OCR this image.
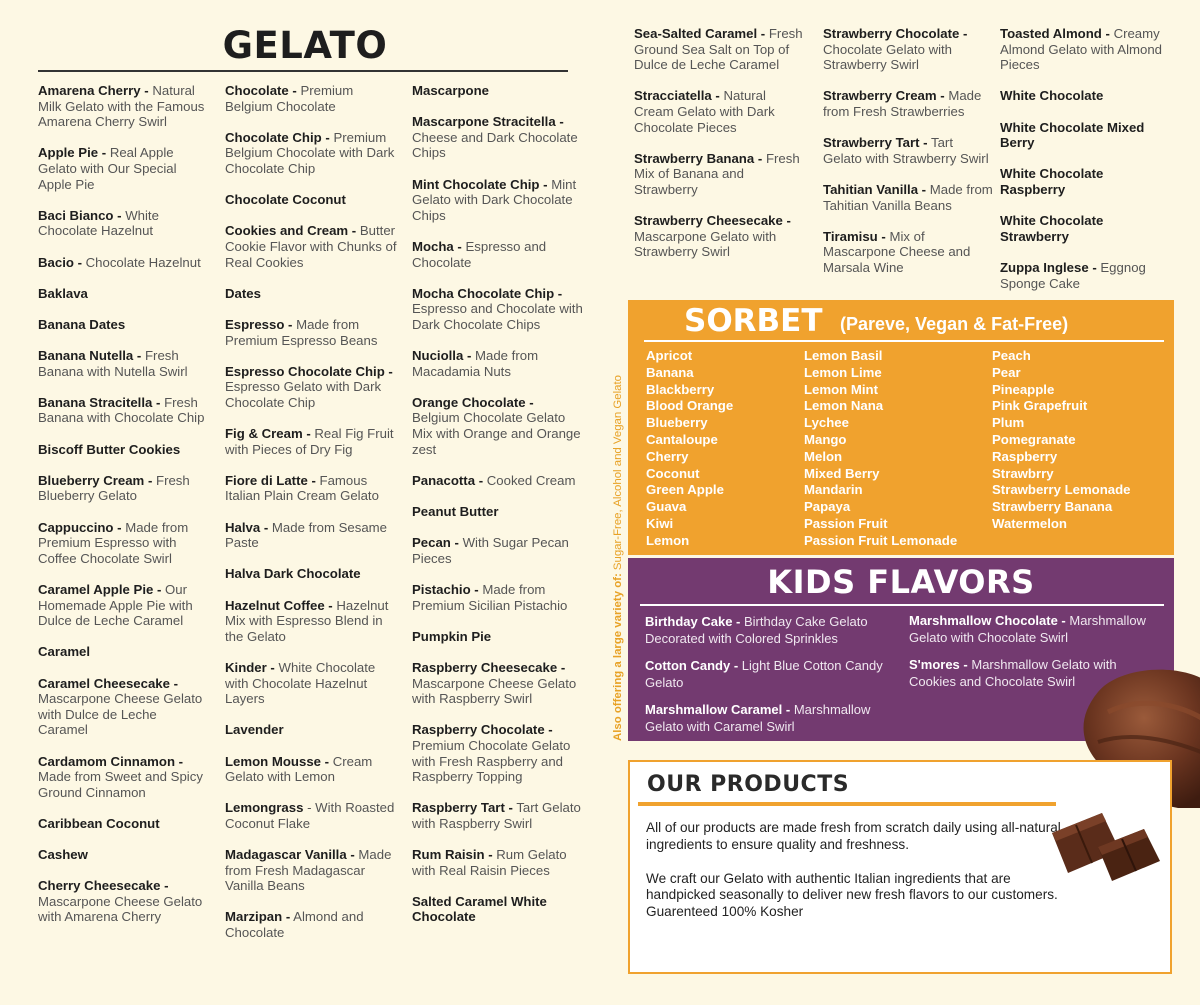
GELATO
Amarena Cherry - Natural Milk Gelato with the Famous Amarena Cherry Swirl
Apple Pie - Real Apple Gelato with Our Special Apple Pie
Baci Bianco - White Chocolate Hazelnut
Bacio - Chocolate Hazelnut
Baklava
Banana Dates
Banana Nutella - Fresh Banana with Nutella Swirl
Banana Stracitella - Fresh Banana with Chocolate Chip
Biscoff Butter Cookies
Blueberry Cream - Fresh Blueberry Gelato
Cappuccino - Made from Premium Espresso with Coffee Chocolate Swirl
Caramel Apple Pie - Our Homemade Apple Pie with Dulce de Leche Caramel
Caramel
Caramel Cheesecake - Mascarpone Cheese Gelato with Dulce de Leche Caramel
Cardamom Cinnamon - Made from Sweet and Spicy Ground Cinnamon
Caribbean Coconut
Cashew
Cherry Cheesecake - Mascarpone Cheese Gelato with Amarena Cherry
Chocolate - Premium Belgium Chocolate
Chocolate Chip - Premium Belgium Chocolate with Dark Chocolate Chip
Chocolate Coconut
Cookies and Cream - Butter Cookie Flavor with Chunks of Real Cookies
Dates
Espresso - Made from Premium Espresso Beans
Espresso Chocolate Chip - Espresso Gelato with Dark Chocolate Chip
Fig & Cream - Real Fig Fruit with Pieces of Dry Fig
Fiore di Latte - Famous Italian Plain Cream Gelato
Halva - Made from Sesame Paste
Halva Dark Chocolate
Hazelnut Coffee - Hazelnut Mix with Espresso Blend in the Gelato
Kinder - White Chocolate with Chocolate Hazelnut Layers
Lavender
Lemon Mousse - Cream Gelato with Lemon
Lemongrass - With Roasted Coconut Flake
Madagascar Vanilla - Made from Fresh Madagascar Vanilla Beans
Marzipan - Almond and Chocolate
Mascarpone
Mascarpone Stracitella - Cheese and Dark Chocolate Chips
Mint Chocolate Chip - Mint Gelato with Dark Chocolate Chips
Mocha - Espresso and Chocolate
Mocha Chocolate Chip - Espresso and Chocolate with Dark Chocolate Chips
Nuciolla - Made from Macadamia Nuts
Orange Chocolate - Belgium Chocolate Gelato Mix with Orange and Orange zest
Panacotta - Cooked Cream
Peanut Butter
Pecan - With Sugar Pecan Pieces
Pistachio - Made from Premium Sicilian Pistachio
Pumpkin Pie
Raspberry Cheesecake - Mascarpone Cheese Gelato with Raspberry Swirl
Raspberry Chocolate - Premium Chocolate Gelato with Fresh Raspberry and Raspberry Topping
Raspberry Tart - Tart Gelato with Raspberry Swirl
Rum Raisin - Rum Gelato with Real Raisin Pieces
Salted Caramel White Chocolate
Sea-Salted Caramel - Fresh Ground Sea Salt on Top of Dulce de Leche Caramel
Stracciatella - Natural Cream Gelato with Dark Chocolate Pieces
Strawberry Banana - Fresh Mix of Banana and Strawberry
Strawberry Cheesecake - Mascarpone Gelato with Strawberry Swirl
Strawberry Chocolate - Chocolate Gelato with Strawberry Swirl
Strawberry Cream - Made from Fresh Strawberries
Strawberry Tart - Tart Gelato with Strawberry Swirl
Tahitian Vanilla - Made from Tahitian Vanilla Beans
Tiramisu - Mix of Mascarpone Cheese and Marsala Wine
Toasted Almond - Creamy Almond Gelato with Almond Pieces
White Chocolate
White Chocolate Mixed Berry
White Chocolate Raspberry
White Chocolate Strawberry
Zuppa Inglese - Eggnog Sponge Cake
Also offering a large variety of: Sugar-Free, Alcohol and Vegan Gelato
SORBET (Pareve, Vegan & Fat-Free)
Apricot
Banana
Blackberry
Blood Orange
Blueberry
Cantaloupe
Cherry
Coconut
Green Apple
Guava
Kiwi
Lemon
Lemon Basil
Lemon Lime
Lemon Mint
Lemon Nana
Lychee
Mango
Melon
Mixed Berry
Mandarin
Papaya
Passion Fruit
Passion Fruit Lemonade
Peach
Pear
Pineapple
Pink Grapefruit
Plum
Pomegranate
Raspberry
Strawbrry
Strawberry Lemonade
Strawberry Banana
Watermelon
KIDS FLAVORS
Birthday Cake - Birthday Cake Gelato Decorated with Colored Sprinkles
Cotton Candy - Light Blue Cotton Candy Gelato
Marshmallow Caramel - Marshmallow Gelato with Caramel Swirl
Marshmallow Chocolate - Marshmallow Gelato with Chocolate Swirl
S'mores - Marshmallow Gelato with Cookies and Chocolate Swirl
OUR PRODUCTS

All of our products are made fresh from scratch daily using all-natural ingredients to ensure quality and freshness.

We craft our Gelato with authentic Italian ingredients that are handpicked seasonally to deliver new fresh flavors to our customers. Guarenteed 100% Kosher
